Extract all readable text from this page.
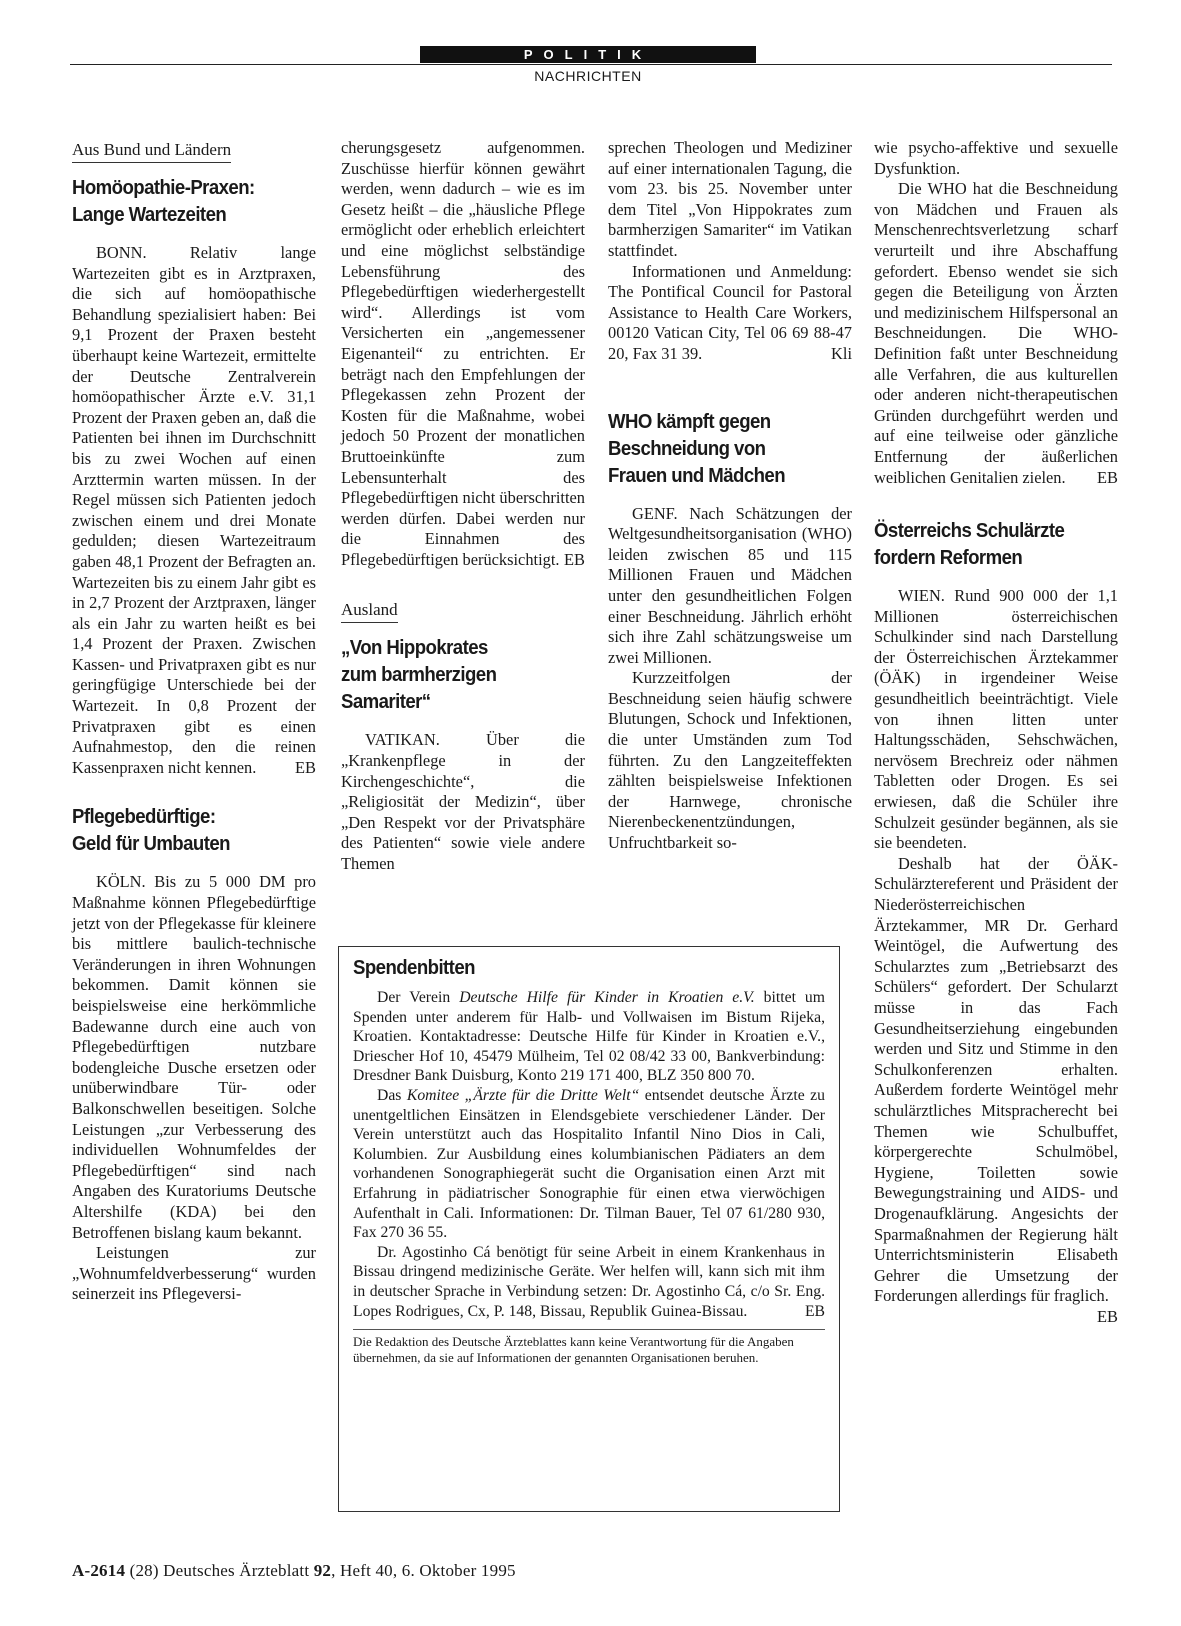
POLITIK
NACHRICHTEN
Aus Bund und Ländern
Homöopathie-Praxen:
Lange Wartezeiten

BONN. Relativ lange Wartezeiten gibt es in Arztpraxen, die sich auf homöopathische Behandlung spezialisiert haben: Bei 9,1 Prozent der Praxen besteht überhaupt keine Wartezeit, ermittelte der Deutsche Zentralverein homöopathischer Ärzte e.V. 31,1 Prozent der Praxen geben an, daß die Patienten bei ihnen im Durchschnitt bis zu zwei Wochen auf einen Arzttermin warten müssen. In der Regel müssen sich Patienten jedoch zwischen einem und drei Monate gedulden; diesen Wartezeitraum gaben 48,1 Prozent der Befragten an. Wartezeiten bis zu einem Jahr gibt es in 2,7 Prozent der Arztpraxen, länger als ein Jahr zu warten heißt es bei 1,4 Prozent der Praxen. Zwischen Kassen- und Privatpraxen gibt es nur geringfügige Unterschiede bei der Wartezeit. In 0,8 Prozent der Privatpraxen gibt es einen Aufnahmestop, den die reinen Kassenpraxen nicht kennen.	EB

Pflegebedürftige:
Geld für Umbauten

KÖLN. Bis zu 5 000 DM pro Maßnahme können Pflegebedürftige jetzt von der Pflegekasse für kleinere bis mittlere baulich-technische Veränderungen in ihren Wohnungen bekommen. Damit können sie beispielsweise eine herkömmliche Badewanne durch eine auch von Pflegebedürftigen nutzbare bodengleiche Dusche ersetzen oder unüberwindbare Tür- oder Balkonschwellen beseitigen. Solche Leistungen „zur Verbesserung des individuellen Wohnumfeldes der Pflegebedürftigen“ sind nach Angaben des Kuratoriums Deutsche Altershilfe (KDA) bei den Betroffenen bislang kaum bekannt.

Leistungen zur „Wohnumfeldverbesserung“ wurden seinerzeit ins Pflegeversi-

cherungsgesetz aufgenommen. Zuschüsse hierfür können gewährt werden, wenn dadurch – wie es im Gesetz heißt – die „häusliche Pflege ermöglicht oder erheblich erleichtert und eine möglichst selbständige Lebensführung des Pflegebedürftigen wiederhergestellt wird“. Allerdings ist vom Versicherten ein „angemessener Eigenanteil“ zu entrichten. Er beträgt nach den Empfehlungen der Pflegekassen zehn Prozent der Kosten für die Maßnahme, wobei jedoch 50 Prozent der monatlichen Bruttoeinkünfte zum Lebensunterhalt des Pflegebedürftigen nicht überschritten werden dürfen. Dabei werden nur die Einnahmen des Pflegebedürftigen berücksichtigt. EB

Ausland
„Von Hippokrates
zum barmherzigen
Samariter“

VATIKAN. Über die „Krankenpflege in der Kirchengeschichte“, die „Religiosität der Medizin“, über „Den Respekt vor der Privatsphäre des Patienten“ sowie viele andere Themen

sprechen Theologen und Mediziner auf einer internationalen Tagung, die vom 23. bis 25. November unter dem Titel „Von Hippokrates zum barmherzigen Samariter“ im Vatikan stattfindet.

Informationen und Anmeldung: The Pontifical Council for Pastoral Assistance to Health Care Workers, 00120 Vatican City, Tel 06 69 88-47 20, Fax 31 39.	Kli

WHO kämpft gegen
Beschneidung von
Frauen und Mädchen

GENF. Nach Schätzungen der Weltgesundheitsorganisation (WHO) leiden zwischen 85 und 115 Millionen Frauen und Mädchen unter den gesundheitlichen Folgen einer Beschneidung. Jährlich erhöht sich ihre Zahl schätzungsweise um zwei Millionen.

Kurzzeitfolgen der Beschneidung seien häufig schwere Blutungen, Schock und Infektionen, die unter Umständen zum Tod führten. Zu den Langzeiteffekten zählten beispielsweise Infektionen der Harnwege, chronische Nierenbeckenentzündungen, Unfruchtbarkeit so-

wie psycho-affektive und sexuelle Dysfunktion.

Die WHO hat die Beschneidung von Mädchen und Frauen als Menschenrechtsverletzung scharf verurteilt und ihre Abschaffung gefordert. Ebenso wendet sie sich gegen die Beteiligung von Ärzten und medizinischem Hilfspersonal an Beschneidungen. Die WHO-Definition faßt unter Beschneidung alle Verfahren, die aus kulturellen oder anderen nicht-therapeutischen Gründen durchgeführt werden und auf eine teilweise oder gänzliche Entfernung der äußerlichen weiblichen Genitalien zielen.	EB

Österreichs Schulärzte
fordern Reformen

WIEN. Rund 900 000 der 1,1 Millionen österreichischen Schulkinder sind nach Darstellung der Österreichischen Ärztekammer (ÖÄK) in irgendeiner Weise gesundheitlich beeinträchtigt. Viele von ihnen litten unter Haltungsschäden, Sehschwächen, nervösem Brechreiz oder nähmen Tabletten oder Drogen. Es sei erwiesen, daß die Schüler ihre Schulzeit gesünder begännen, als sie sie beendeten.

Deshalb hat der ÖÄK-Schulärztereferent und Präsident der Niederösterreichischen Ärztekammer, MR Dr. Gerhard Weintögel, die Aufwertung des Schularztes zum „Betriebsarzt des Schülers“ gefordert. Der Schularzt müsse in das Fach Gesundheitserziehung eingebunden werden und Sitz und Stimme in den Schulkonferenzen erhalten. Außerdem forderte Weintögel mehr schulärztliches Mitspracherecht bei Themen wie Schulbuffet, körpergerechte Schulmöbel, Hygiene, Toiletten sowie Bewegungstraining und AIDS- und Drogenaufklärung. Angesichts der Sparmaßnahmen der Regierung hält Unterrichtsministerin Elisabeth Gehrer die Umsetzung der Forderungen allerdings für fraglich.
EB

Spendenbitten

Der Verein Deutsche Hilfe für Kinder in Kroatien e.V. bittet um Spenden unter anderem für Halb- und Vollwaisen im Bistum Rijeka, Kroatien. Kontaktadresse: Deutsche Hilfe für Kinder in Kroatien e.V., Driescher Hof 10, 45479 Mülheim, Tel 02 08/42 33 00, Bankverbindung: Dresdner Bank Duisburg, Konto 219 171 400, BLZ 350 800 70.

Das Komitee „Ärzte für die Dritte Welt“ entsendet deutsche Ärzte zu unentgeltlichen Einsätzen in Elendsgebiete verschiedener Länder. Der Verein unterstützt auch das Hospitalito Infantil Nino Dios in Cali, Kolumbien. Zur Ausbildung eines kolumbianischen Pädiaters an dem vorhandenen Sonographiegerät sucht die Organisation einen Arzt mit Erfahrung in pädiatrischer Sonographie für einen etwa vierwöchigen Aufenthalt in Cali. Informationen: Dr. Tilman Bauer, Tel 07 61/280 930, Fax 270 36 55.

Dr. Agostinho Cá benötigt für seine Arbeit in einem Krankenhaus in Bissau dringend medizinische Geräte. Wer helfen will, kann sich mit ihm in deutscher Sprache in Verbindung setzen: Dr. Agostinho Cá, c/o Sr. Eng. Lopes Rodrigues, Cx, P. 148, Bissau, Republik Guinea-Bissau.	EB

Die Redaktion des Deutsche Ärzteblattes kann keine Verantwortung für die Angaben übernehmen, da sie auf Informationen der genannten Organisationen beruhen.

A-2614 (28) Deutsches Ärzteblatt 92, Heft 40, 6. Oktober 1995
